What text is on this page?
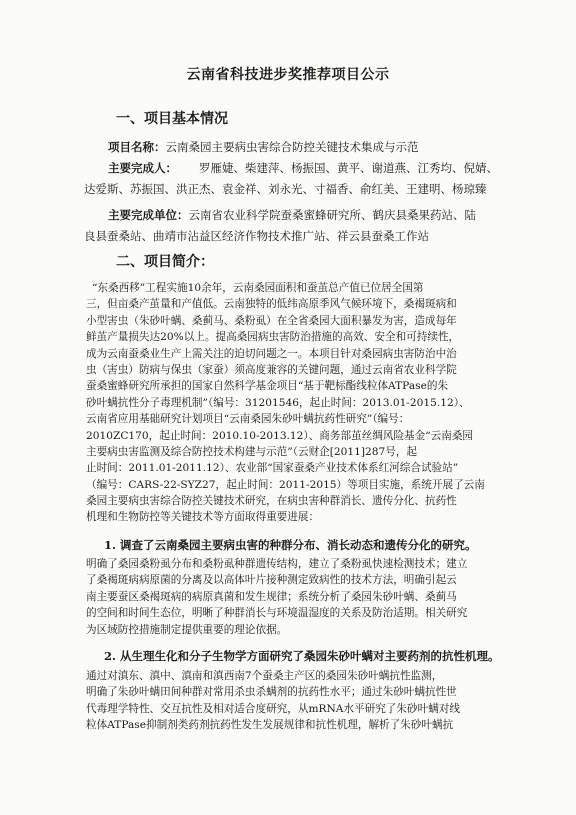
云南省科技进步奖推荐项目公示
一、项目基本情况
项目名称：云南桑园主要病虫害综合防控关键技术集成与示范
主要完成人： 罗雁婕、柴建萍、杨振国、黄平、谢道燕、江秀均、倪婧、
达爱斯、苏振国、洪正杰、袁金祥、刘永光、寸福香、俞红美、王建明、杨琼臻
主要完成单位：云南省农业科学院蚕桑蜜蜂研究所、鹤庆县桑果药站、陆
良县蚕桑站、曲靖市沾益区经济作物技术推广站、祥云县蚕桑工作站
二、项目简介：
“东桑西移”工程实施10余年，云南桑园面积和蚕茧总产值已位居全国第
三，但亩桑产茧量和产值低。云南独特的低纬高原季风气候环境下，桑褐斑病和
小型害虫（朱砂叶螨、桑蓟马、桑粉虱）在全省桑园大面积暴发为害，造成每年
鲜茧产量损失达20%以上。提高桑园病虫害防治措施的高效、安全和可持续性，
成为云南蚕桑业生产上需关注的迫切问题之一。本项目针对桑园病虫害防治中治
虫（害虫）防病与保虫（家蚕）须高度兼容的关键问题，通过云南省农业科学院
蚕桑蜜蜂研究所承担的国家自然科学基金项目“基于靶标酯线粒体ATPase的朱
砂叶螨抗性分子毒理机制”（编号：31201546，起止时间：2013.01-2015.12）、
云南省应用基础研究计划项目“云南桑园朱砂叶螨抗药性研究”（编号：
2010ZC170，起止时间：2010.10-2013.12）、商务部茧丝绸风险基金“云南桑园
主要病虫害监测及综合防控技术构建与示范”（云财企[2011]287号，起
止时间：2011.01-2011.12）、农业部“国家蚕桑产业技术体系红河综合试验站”
（编号：CARS-22-SYZ27，起止时间：2011-2015）等项目实施，系统开展了云南
桑园主要病虫害综合防控关键技术研究，在病虫害种群消长、遗传分化、抗药性
机理和生物防控等关键技术等方面取得重要进展：
1. 调查了云南桑园主要病虫害的种群分布、消长动态和遗传分化的研究。
明确了桑园桑粉虱分布和桑粉虱种群遗传结构，建立了桑粉虱快速检测技术；建立
了桑褐斑病病原菌的分离及以高体叶片接种测定致病性的技术方法，明确引起云
南主要蚕区桑褐斑病的病原真菌和发生规律；系统分析了桑园朱砂叶螨、桑蓟马
的空间和时间生态位，明晰了种群消长与环境温湿度的关系及防治适期。相关研究
为区域防控措施制定提供重要的理论依据。
2. 从生理生化和分子生物学方面研究了桑园朱砂叶螨对主要药剂的抗性机理。
通过对滇东、滇中、滇南和滇西南7个蚕桑主产区的桑园朱砂叶螨抗性监测，
明确了朱砂叶螨田间种群对常用杀虫杀螨剂的抗药性水平；通过朱砂叶螨抗性世
代毒理学特性、交互抗性及相对适合度研究，从mRNA水平研究了朱砂叶螨对线
粒体ATPase抑制剂类药剂抗药性发生发展规律和抗性机理，解析了朱砂叶螨抗
